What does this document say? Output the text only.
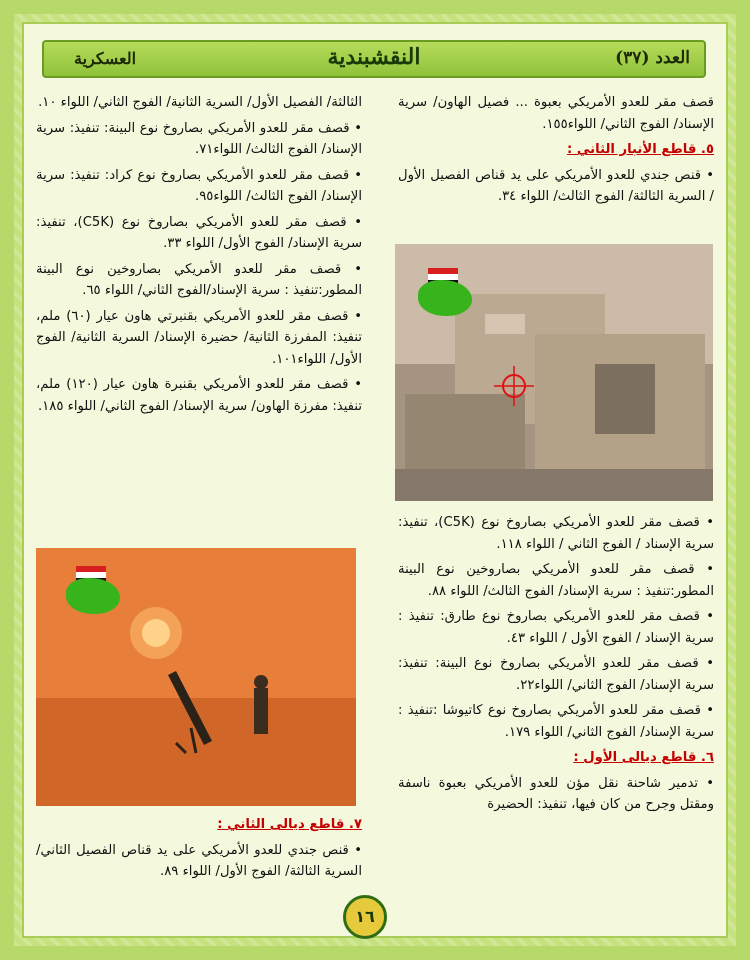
العدد (٣٧)
النقشبندية
العسكرية

قصف مقر للعدو الأمريكي بعبوة ... فصيل الهاون/ سرية الإسناد/ الفوج الثاني/ اللواء١٥٥.

٥. قاطع الأنبار الثاني :

• قنص جندي للعدو الأمريكي على يد قناص الفصيل الأول / السرية الثالثة/ الفوج الثالث/ اللواء ٣٤.

• قصف مقر للعدو الأمريكي بصاروخ نوع (C5K)، تنفيذ: سرية الإسناد / الفوج الثاني / اللواء ١١٨.

• قصف مقر للعدو الأمريكي بصاروخين نوع البينة المطور:تنفيذ : سرية الإسناد/ الفوج الثالث/ اللواء ٨٨.

• قصف مقر للعدو الأمريكي بصاروخ نوع طارق: تنفيذ : سرية الإسناد / الفوج الأول / اللواء ٤٣.

• قصف مقر للعدو الأمريكي بصاروخ نوع البينة: تنفيذ: سرية الإسناد/ الفوج الثاني/ اللواء٢٢.

• قصف مقر للعدو الأمريكي بصاروخ نوع كاتيوشا :تنفيذ : سرية الإسناد/ الفوج الثاني/ اللواء ١٧٩.

٦. قاطع ديالى الأول :

• تدمير شاحنة نقل مؤن للعدو الأمريكي بعبوة ناسفة ومقتل وجرح من كان فيها، تنفيذ: الحضيرة

الثالثة/ الفصيل الأول/ السرية الثانية/ الفوج الثاني/ اللواء ١٠.

• قصف مقر للعدو الأمريكي بصاروخ نوع البينة: تنفيذ: سرية الإسناد/ الفوج الثالث/ اللواء٧١.

• قصف مقر للعدو الأمريكي بصاروخ نوع كراد: تنفيذ: سرية الإسناد/ الفوج الثالث/ اللواء٩٥.

• قصف مقر للعدو الأمريكي بصاروخ نوع (C5K)، تنفيذ: سرية الإسناد/ الفوج الأول/ اللواء ٣٣.

• قصف مقر للعدو الأمريكي بصاروخين نوع البينة المطور:تنفيذ : سرية الإسناد/الفوج الثاني/ اللواء ٦٥.

• قصف مقر للعدو الأمريكي بقنبرتي هاون عيار (٦٠) ملم، تنفيذ: المفرزة الثانية/ حضيرة الإسناد/ السرية الثانية/ الفوج الأول/ اللواء١٠١.

• قصف مقر للعدو الأمريكي بقنبرة هاون عيار (١٢٠) ملم، تنفيذ: مفرزة الهاون/ سرية الإسناد/ الفوج الثاني/ اللواء ١٨٥.

٧. قاطع ديالى الثاني :

• قنص جندي للعدو الأمريكي على يد قناص الفصيل الثاني/ السرية الثالثة/ الفوج الأول/ اللواء ٨٩.

١٦
